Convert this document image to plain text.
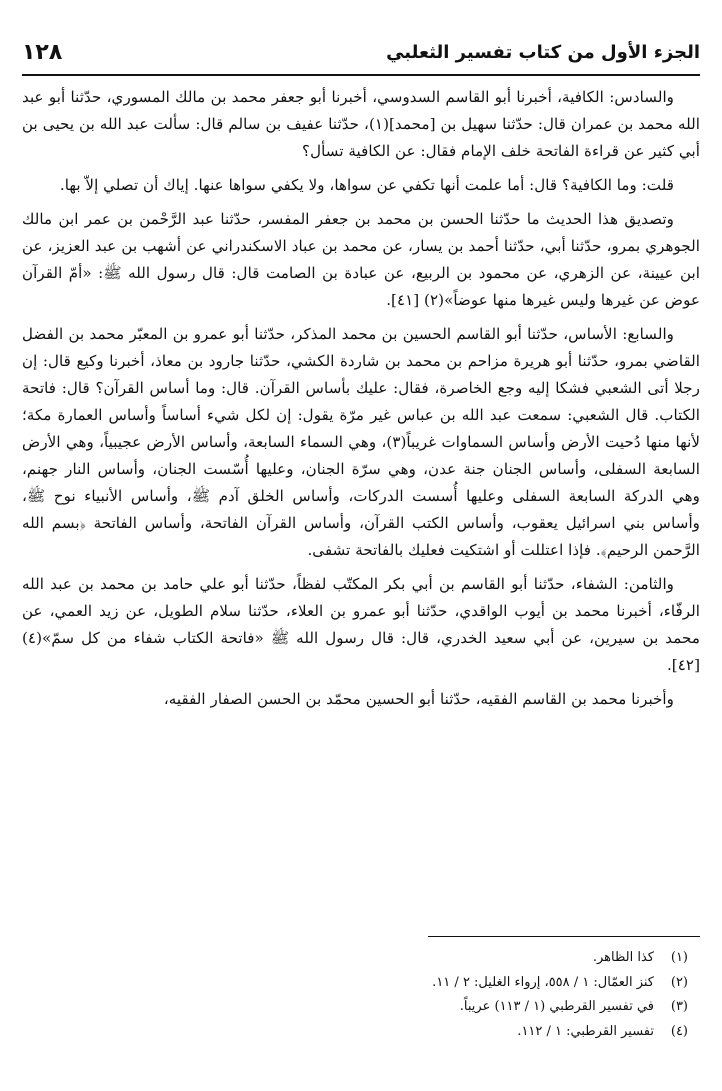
١٢٨	الجزء الأول من كتاب تفسير الثعلبي

والسادس: الكافية، أخبرنا أبو القاسم السدوسي، أخبرنا أبو جعفر محمد بن مالك المسوري، حدّثنا أبو عبد الله محمد بن عمران قال: حدّثنا سهيل بن [محمد](١)، حدّثنا عفيف بن سالم قال: سألت عبد الله بن يحيى بن أبي كثير عن قراءة الفاتحة خلف الإمام فقال: عن الكافية تسأل؟

قلت: وما الكافية؟ قال: أما علمت أنها تكفي عن سواها، ولا يكفي سواها عنها. إياك أن تصلي إلاّ بها.

وتصديق هذا الحديث ما حدّثنا الحسن بن محمد بن جعفر المفسر، حدّثنا عبد الرَّحْمن بن عمر ابن مالك الجوهري بمرو، حدّثنا أبي، حدّثنا أحمد بن يسار، عن محمد بن عباد الاسكندراني عن أشهب بن عبد العزيز، عن ابن عيينة، عن الزهري، عن محمود بن الربيع، عن عبادة بن الصامت قال: قال رسول الله ﷺ: «أمّ القرآن عوض عن غيرها وليس غيرها منها عوضاً»(٢) [٤١].

والسابع: الأساس، حدّثنا أبو القاسم الحسين بن محمد المذكر، حدّثنا أبو عمرو بن المعبّر محمد بن الفضل القاضي بمرو، حدّثنا أبو هريرة مزاحم بن محمد بن شاردة الكشي، حدّثنا جارود بن معاذ، أخبرنا وكيع قال: إن رجلا أتى الشعبي فشكا إليه وجع الخاصرة، فقال: عليك بأساس القرآن. قال: وما أساس القرآن؟ قال: فاتحة الكتاب. قال الشعبي: سمعت عبد الله بن عباس غير مرّة يقول: إن لكل شيء أساساً وأساس العمارة مكة؛ لأنها منها دُحيت الأرض وأساس السماوات غريباً(٣)، وهي السماء السابعة، وأساس الأرض عجيبياً، وهي الأرض السابعة السفلى، وأساس الجنان جنة عدن، وهي سرّة الجنان، وعليها أُسّست الجنان، وأساس النار جهنم، وهي الدركة السابعة السفلى وعليها أُسست الدركات، وأساس الخلق آدم ﷺ، وأساس الأنبياء نوح ﷺ، وأساس بني اسرائيل يعقوب، وأساس الكتب القرآن، وأساس القرآن الفاتحة، وأساس الفاتحة ﴿بسم الله الرَّحمن الرحيم﴾. فإذا اعتللت أو اشتكيت فعليك بالفاتحة تشفى.

والثامن: الشفاء، حدّثنا أبو القاسم بن أبي بكر المكتّب لفظاً، حدّثنا أبو علي حامد بن محمد بن عبد الله الرفّاء، أخبرنا محمد بن أيوب الواقدي، حدّثنا أبو عمرو بن العلاء، حدّثنا سلام الطويل، عن زيد العمي، عن محمد بن سيرين، عن أبي سعيد الخدري، قال: قال رسول الله ﷺ «فاتحة الكتاب شفاء من كل سمّ»(٤) [٤٢].

وأخبرنا محمد بن القاسم الفقيه، حدّثنا أبو الحسين محمّد بن الحسن الصفار الفقيه،

(١)
كذا الظاهر.
(٢)
كنز العمّال: ١ / ٥٥٨، إرواء الغليل: ٢ / ١١.
(٣)
في تفسير القرطبي (١ / ١١٣) عريباً.
(٤)
تفسير القرطبي: ١ / ١١٢.
